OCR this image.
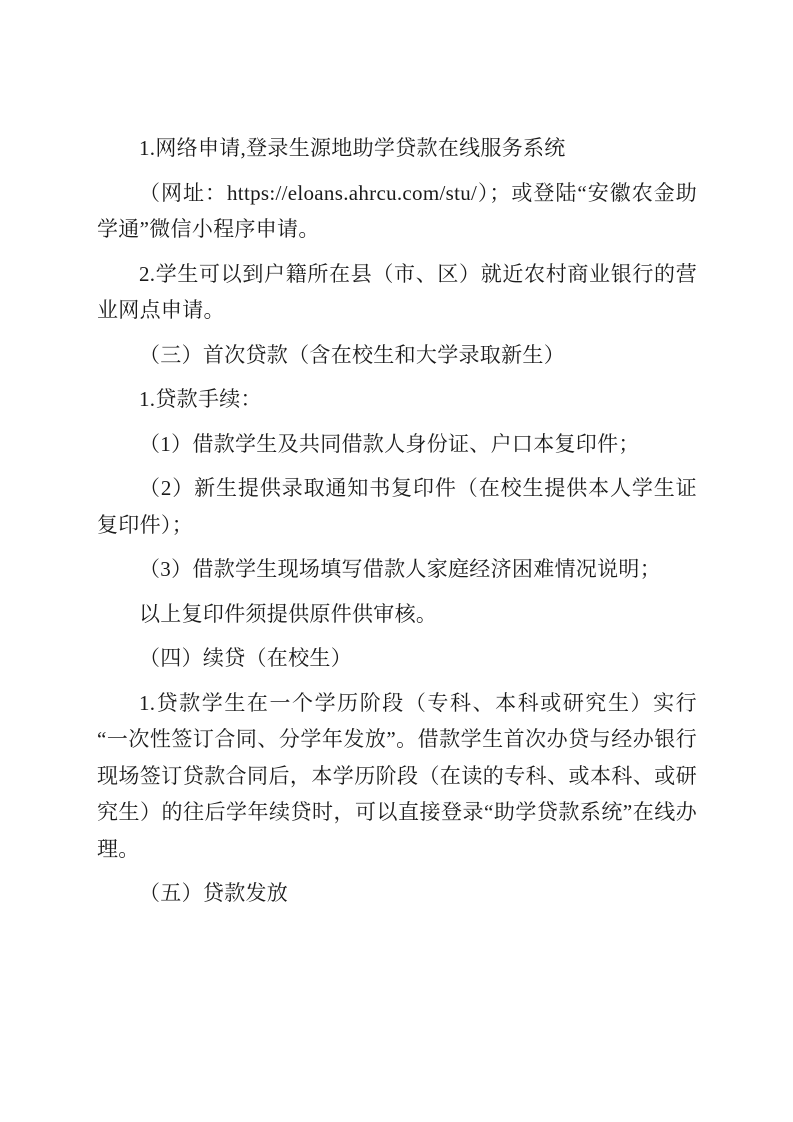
1.网络申请,登录生源地助学贷款在线服务系统

（网址：https://eloans.ahrcu.com/stu/）；或登陆“安徽农金助学通”微信小程序申请。

2.学生可以到户籍所在县（市、区）就近农村商业银行的营业网点申请。

（三）首次贷款（含在校生和大学录取新生）

1.贷款手续：

（1）借款学生及共同借款人身份证、户口本复印件；

（2）新生提供录取通知书复印件（在校生提供本人学生证复印件）；

（3）借款学生现场填写借款人家庭经济困难情况说明；

以上复印件须提供原件供审核。

（四）续贷（在校生）

1.贷款学生在一个学历阶段（专科、本科或研究生）实行“一次性签订合同、分学年发放”。借款学生首次办贷与经办银行现场签订贷款合同后，本学历阶段（在读的专科、或本科、或研究生）的往后学年续贷时，可以直接登录“助学贷款系统”在线办理。

（五）贷款发放
